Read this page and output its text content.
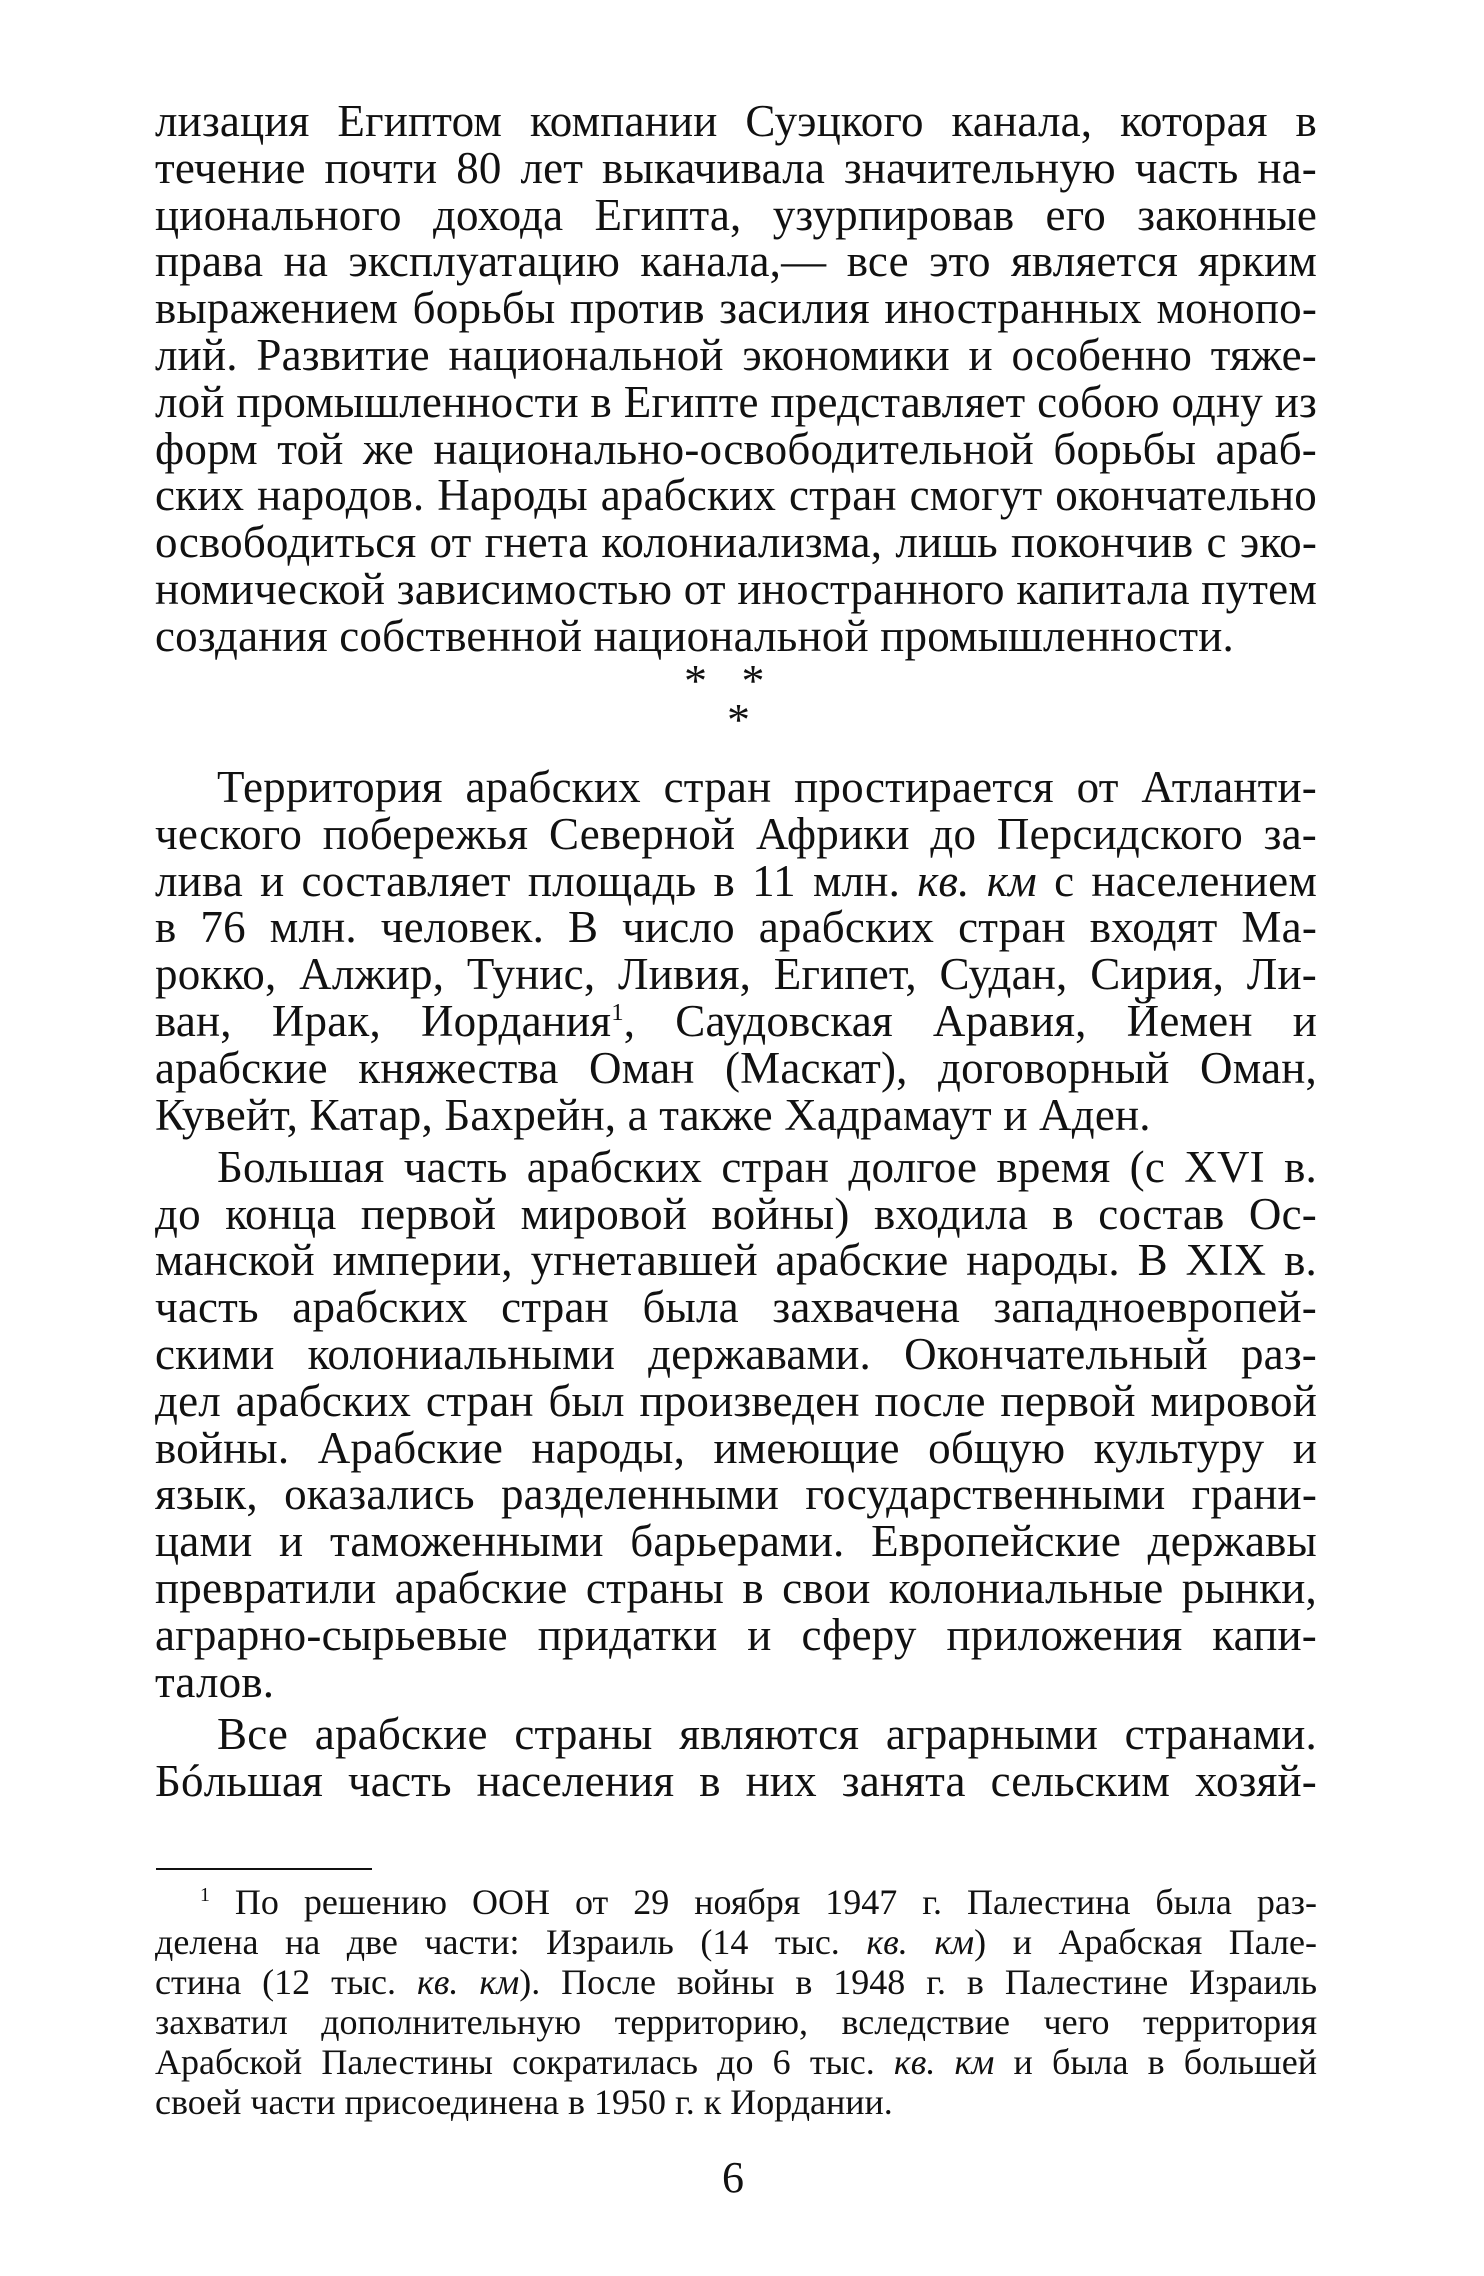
лизация Египтом компании Суэцкого канала, которая в
течение почти 80 лет выкачивала значительную часть на-
ционального дохода Египта, узурпировав его законные
права на эксплуатацию канала,— все это является ярким
выражением борьбы против засилия иностранных монопо-
лий. Развитие национальной экономики и особенно тяже-
лой промышленности в Египте представляет собою одну из
форм той же национально-освободительной борьбы араб-
ских народов. Народы арабских стран смогут окончательно
освободиться от гнета колониализма, лишь покончив с эко-
номической зависимостью от иностранного капитала путем
создания собственной национальной промышленности.
*   *
*
Территория арабских стран простирается от Атланти-
ческого побережья Северной Африки до Персидского за-
лива и составляет площадь в 11 млн. кв. км с населением
в 76 млн. человек. В число арабских стран входят Ма-
рокко, Алжир, Тунис, Ливия, Египет, Судан, Сирия, Ли-
ван, Ирак, Иордания$^1$, Саудовская Аравия, Йемен и
арабские княжества Оман (Маскат), договорный Оман,
Кувейт, Катар, Бахрейн, а также Хадрамаут и Аден.
Большая часть арабских стран долгое время (с XVI в.
до конца первой мировой войны) входила в состав Ос-
манской империи, угнетавшей арабские народы. В XIX в.
часть арабских стран была захвачена западноевропей-
скими колониальными державами. Окончательный раз-
дел арабских стран был произведен после первой мировой
войны. Арабские народы, имеющие общую культуру и
язык, оказались разделенными государственными грани-
цами и таможенными барьерами. Европейские державы
превратили арабские страны в свои колониальные рынки,
аграрно-сырьевые придатки и сферу приложения капи-
талов.
Все арабские страны являются аграрными странами.
Бóльшая часть населения в них занята сельским хозяй-
$^1$ По решению ООН от 29 ноября 1947 г. Палестина была раз-
делена на две части: Израиль (14 тыс. кв. км) и Арабская Пале-
стина (12 тыс. кв. км). После войны в 1948 г. в Палестине Израиль
захватил дополнительную территорию, вследствие чего территория
Арабской Палестины сократилась до 6 тыс. кв. км и была в большей
своей части присоединена в 1950 г. к Иордании.
6
